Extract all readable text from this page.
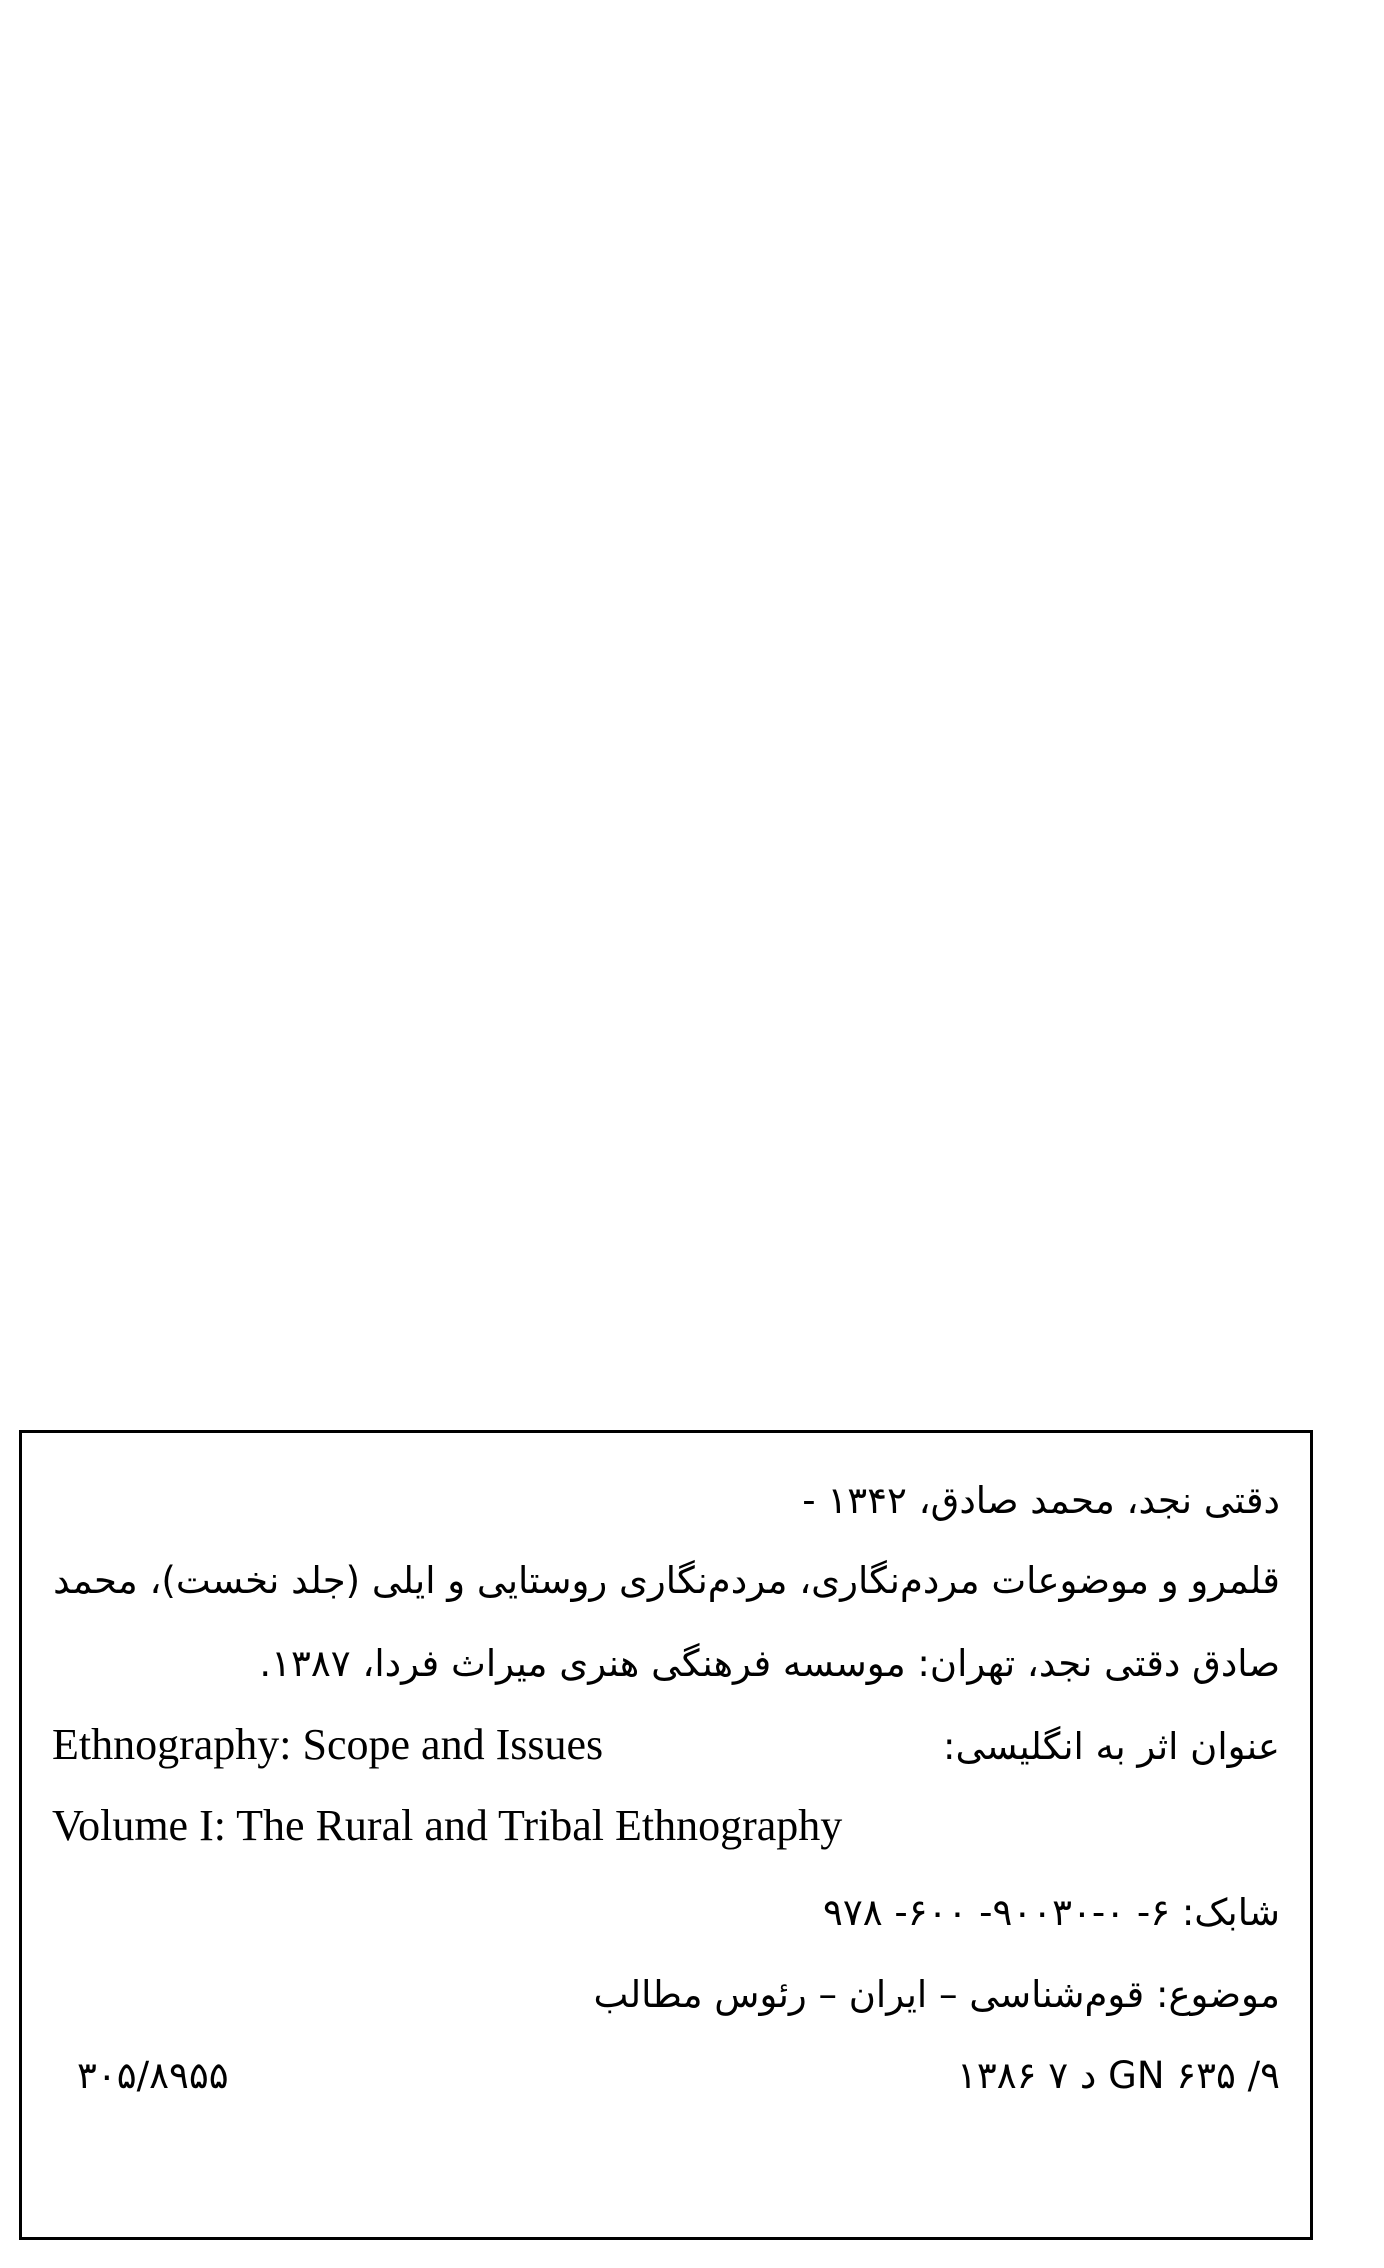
دقتی نجد، محمد صادق، ۱۳۴۲ -
قلمرو و موضوعات مردم‌نگاری، مردم‌نگاری روستایی و ایلی (جلد نخست)، محمد
صادق دقتی نجد، تهران: موسسه فرهنگی هنری میراث فردا، ۱۳۸۷.
عنوان اثر به انگلیسی:
Ethnography: Scope and Issues
Volume I: The Rural and Tribal Ethnography
شابک: ۶- ۰-۹۰۰۳۰- ۶۰۰- ۹۷۸
موضوع: قوم‌شناسی – ایران – رئوس مطالب
GN ۶۳۵ /۹ د ۷ ۱۳۸۶
۳۰۵/۸۹۵۵
